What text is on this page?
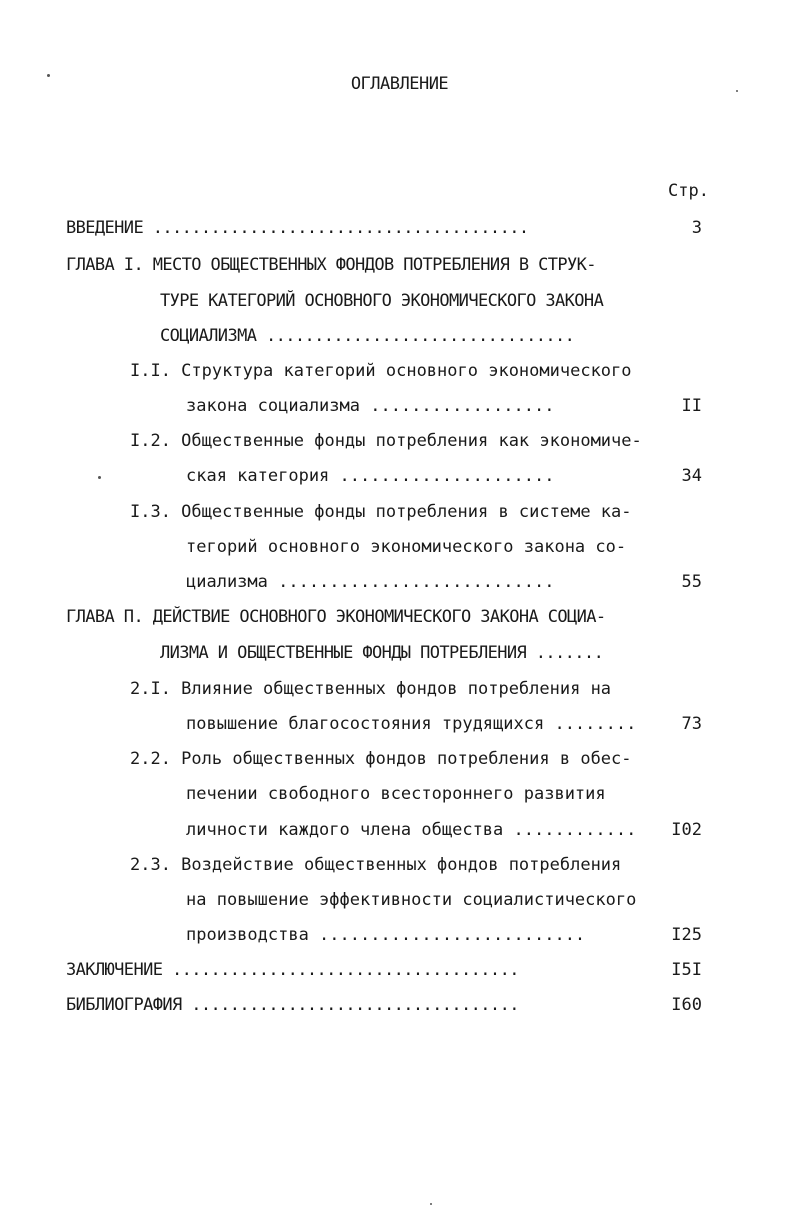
ОГЛАВЛЕНИЕ
Стр.
ВВЕДЕНИЕ .......................................	3
ГЛАВА I. МЕСТО ОБЩЕСТВЕННЫХ ФОНДОВ ПОТРЕБЛЕНИЯ В СТРУК-
ТУРЕ КАТЕГОРИЙ ОСНОВНОГО ЭКОНОМИЧЕСКОГО ЗАКОНА
СОЦИАЛИЗМА ................................
I.I. Структура категорий основного экономического
закона социализма ..................	II
I.2. Общественные фонды потребления как экономиче-
ская категория .....................	34
I.3. Общественные фонды потребления в системе ка-
тегорий основного экономического закона со-
циализма ...........................	55
ГЛАВА П. ДЕЙСТВИЕ ОСНОВНОГО ЭКОНОМИЧЕСКОГО ЗАКОНА СОЦИА-
ЛИЗМА И ОБЩЕСТВЕННЫЕ ФОНДЫ ПОТРЕБЛЕНИЯ .......
2.I. Влияние общественных фондов потребления на
повышение благосостояния трудящихся ........	73
2.2. Роль общественных фондов потребления в обес-
печении свободного всестороннего развития
личности каждого члена общества ............	I02
2.3. Воздействие общественных фондов потребления
на повышение эффективности социалистического
производства ..........................	I25
ЗАКЛЮЧЕНИЕ ....................................	I5I
БИБЛИОГРАФИЯ ..................................	I60
